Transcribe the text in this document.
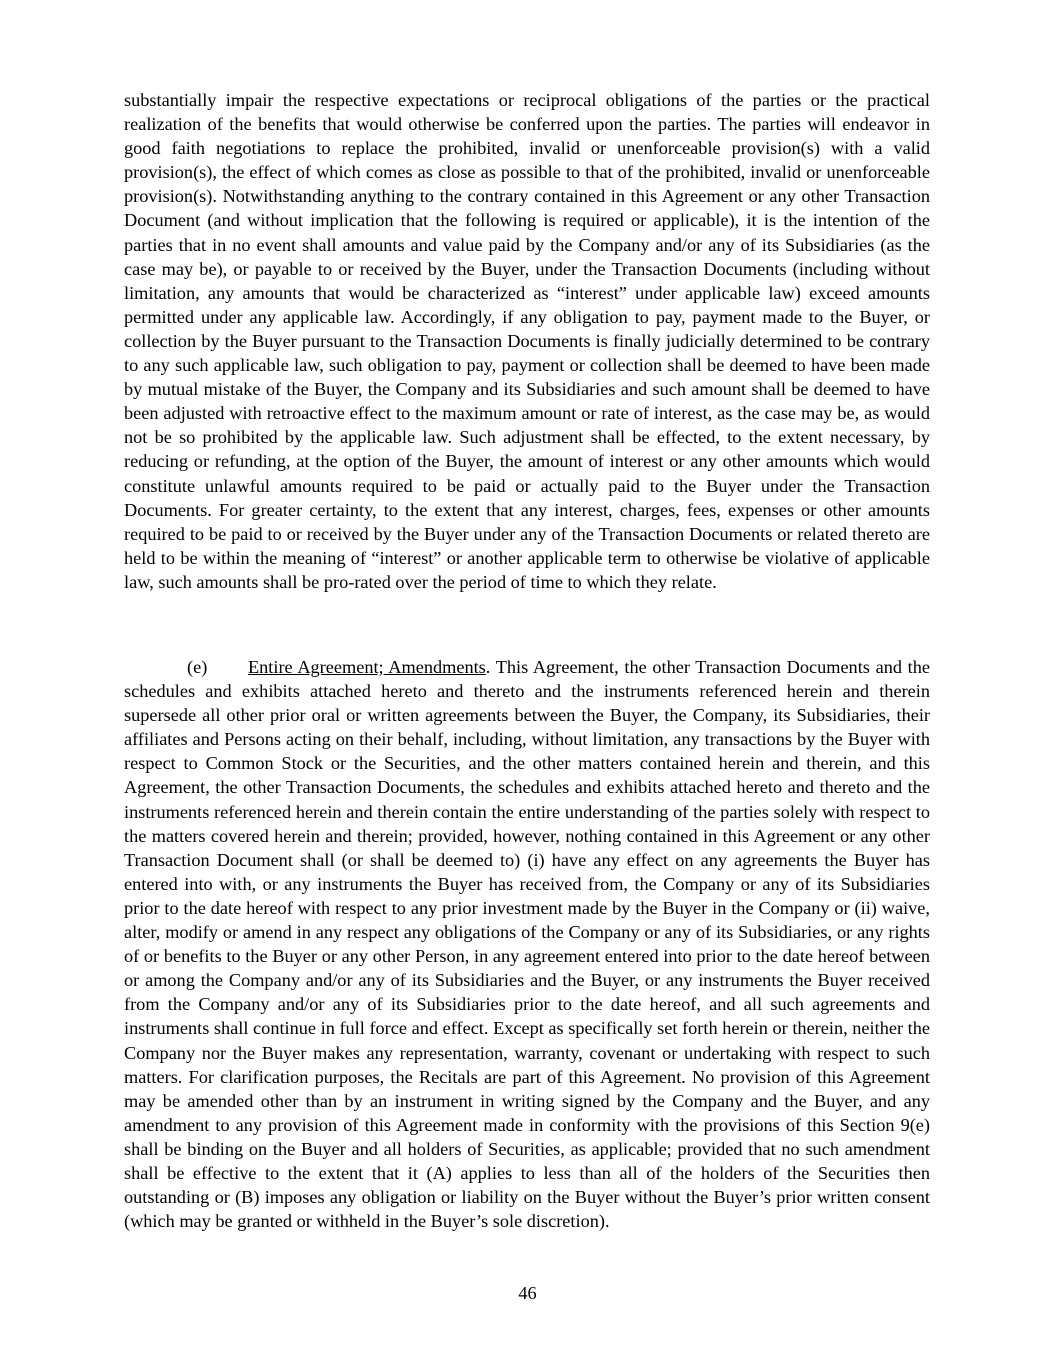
substantially impair the respective expectations or reciprocal obligations of the parties or the practical realization of the benefits that would otherwise be conferred upon the parties. The parties will endeavor in good faith negotiations to replace the prohibited, invalid or unenforceable provision(s) with a valid provision(s), the effect of which comes as close as possible to that of the prohibited, invalid or unenforceable provision(s). Notwithstanding anything to the contrary contained in this Agreement or any other Transaction Document (and without implication that the following is required or applicable), it is the intention of the parties that in no event shall amounts and value paid by the Company and/or any of its Subsidiaries (as the case may be), or payable to or received by the Buyer, under the Transaction Documents (including without limitation, any amounts that would be characterized as “interest” under applicable law) exceed amounts permitted under any applicable law. Accordingly, if any obligation to pay, payment made to the Buyer, or collection by the Buyer pursuant to the Transaction Documents is finally judicially determined to be contrary to any such applicable law, such obligation to pay, payment or collection shall be deemed to have been made by mutual mistake of the Buyer, the Company and its Subsidiaries and such amount shall be deemed to have been adjusted with retroactive effect to the maximum amount or rate of interest, as the case may be, as would not be so prohibited by the applicable law. Such adjustment shall be effected, to the extent necessary, by reducing or refunding, at the option of the Buyer, the amount of interest or any other amounts which would constitute unlawful amounts required to be paid or actually paid to the Buyer under the Transaction Documents. For greater certainty, to the extent that any interest, charges, fees, expenses or other amounts required to be paid to or received by the Buyer under any of the Transaction Documents or related thereto are held to be within the meaning of “interest” or another applicable term to otherwise be violative of applicable law, such amounts shall be pro-rated over the period of time to which they relate.

(e) Entire Agreement; Amendments. This Agreement, the other Transaction Documents and the schedules and exhibits attached hereto and thereto and the instruments referenced herein and therein supersede all other prior oral or written agreements between the Buyer, the Company, its Subsidiaries, their affiliates and Persons acting on their behalf, including, without limitation, any transactions by the Buyer with respect to Common Stock or the Securities, and the other matters contained herein and therein, and this Agreement, the other Transaction Documents, the schedules and exhibits attached hereto and thereto and the instruments referenced herein and therein contain the entire understanding of the parties solely with respect to the matters covered herein and therein; provided, however, nothing contained in this Agreement or any other Transaction Document shall (or shall be deemed to) (i) have any effect on any agreements the Buyer has entered into with, or any instruments the Buyer has received from, the Company or any of its Subsidiaries prior to the date hereof with respect to any prior investment made by the Buyer in the Company or (ii) waive, alter, modify or amend in any respect any obligations of the Company or any of its Subsidiaries, or any rights of or benefits to the Buyer or any other Person, in any agreement entered into prior to the date hereof between or among the Company and/or any of its Subsidiaries and the Buyer, or any instruments the Buyer received from the Company and/or any of its Subsidiaries prior to the date hereof, and all such agreements and instruments shall continue in full force and effect. Except as specifically set forth herein or therein, neither the Company nor the Buyer makes any representation, warranty, covenant or undertaking with respect to such matters. For clarification purposes, the Recitals are part of this Agreement. No provision of this Agreement may be amended other than by an instrument in writing signed by the Company and the Buyer, and any amendment to any provision of this Agreement made in conformity with the provisions of this Section 9(e) shall be binding on the Buyer and all holders of Securities, as applicable; provided that no such amendment shall be effective to the extent that it (A) applies to less than all of the holders of the Securities then outstanding or (B) imposes any obligation or liability on the Buyer without the Buyer’s prior written consent (which may be granted or withheld in the Buyer’s sole discretion).

46
